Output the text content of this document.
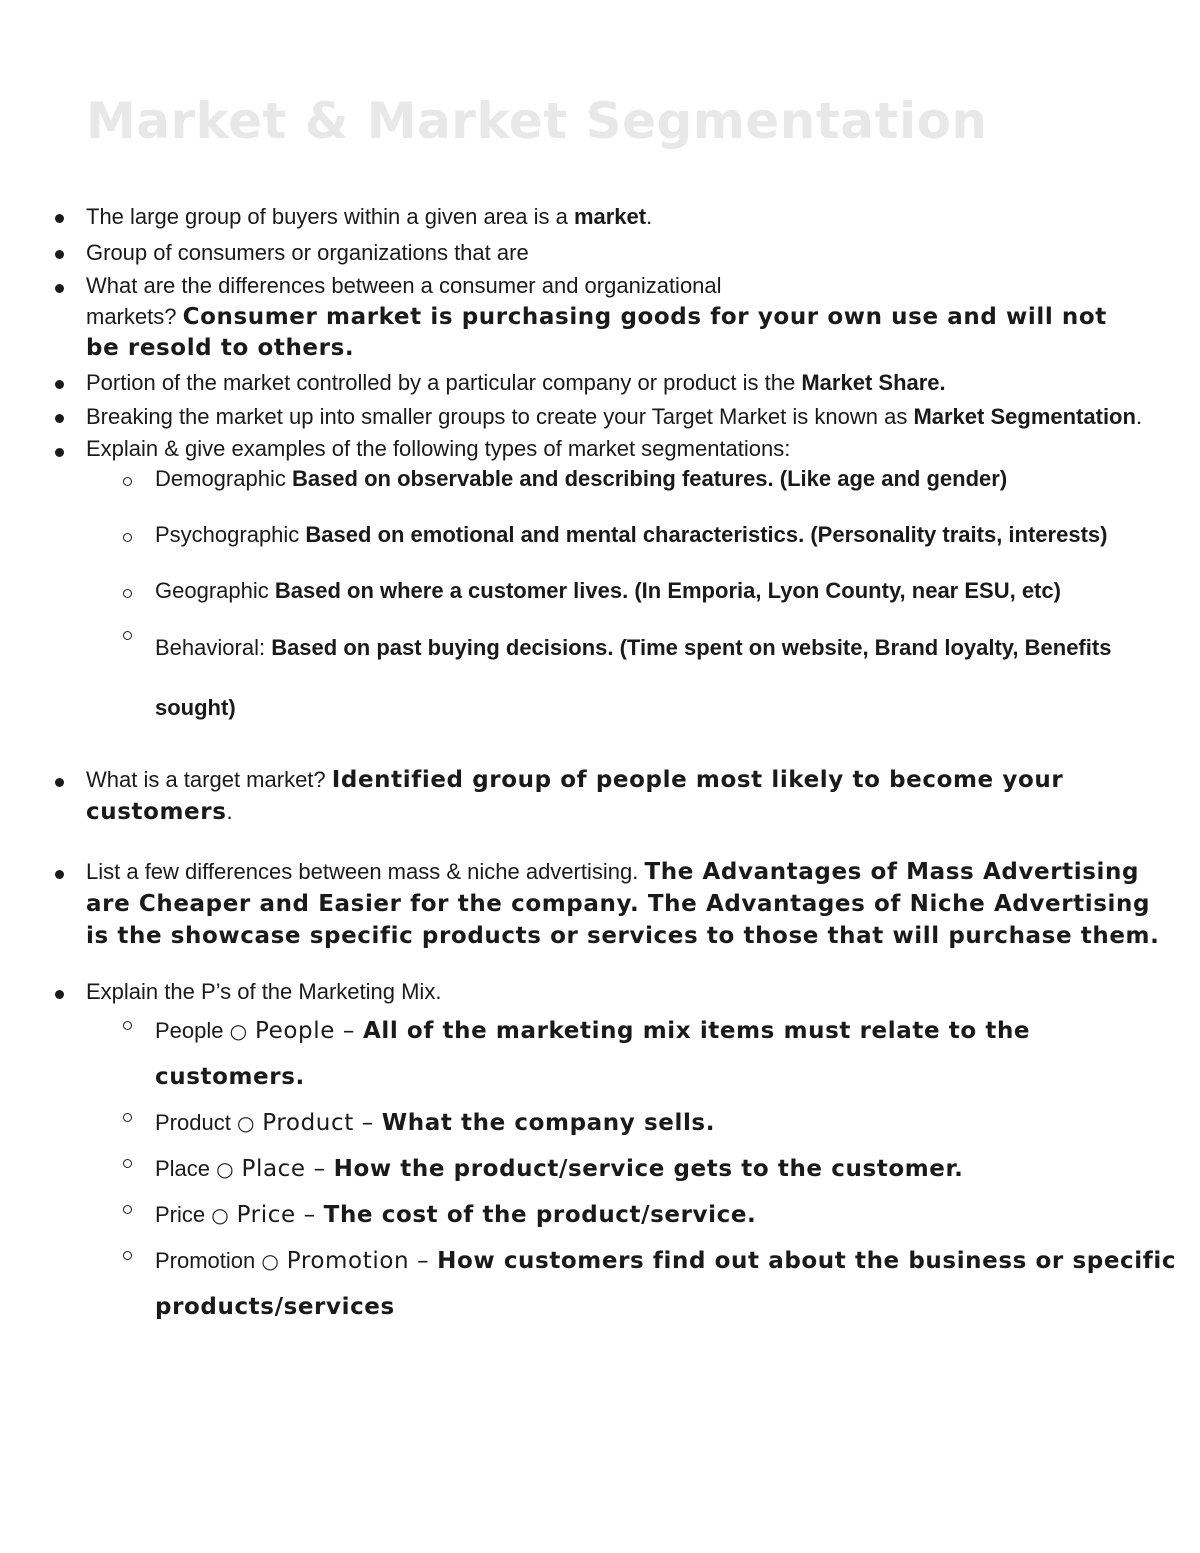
Market & Market Segmentation
The large group of buyers within a given area is a market.
Group of consumers or organizations that are
What are the differences between a consumer and organizational
markets? Consumer market is purchasing goods for your own use and will not
be resold to others.
Portion of the market controlled by a particular company or product is the Market Share.
Breaking the market up into smaller groups to create your Target Market is known as Market Segmentation.
Explain & give examples of the following types of market segmentations:
Demographic Based on observable and describing features. (Like age and gender)
Psychographic Based on emotional and mental characteristics. (Personality traits, interests)
Geographic Based on where a customer lives. (In Emporia, Lyon County, near ESU, etc)
Behavioral: Based on past buying decisions. (Time spent on website, Brand loyalty, Benefits
sought)
What is a target market? Identified group of people most likely to become your customers.
List a few differences between mass & niche advertising. The Advantages of Mass Advertising are Cheaper and Easier for the company. The Advantages of Niche Advertising is the showcase specific products or services to those that will purchase them.
Explain the P’s of the Marketing Mix.
People ○ People – All of the marketing mix items must relate to the customers.
Product ○ Product – What the company sells.
Place ○ Place – How the product/service gets to the customer.
Price ○ Price – The cost of the product/service.
Promotion ○ Promotion – How customers find out about the business or specific products/services
